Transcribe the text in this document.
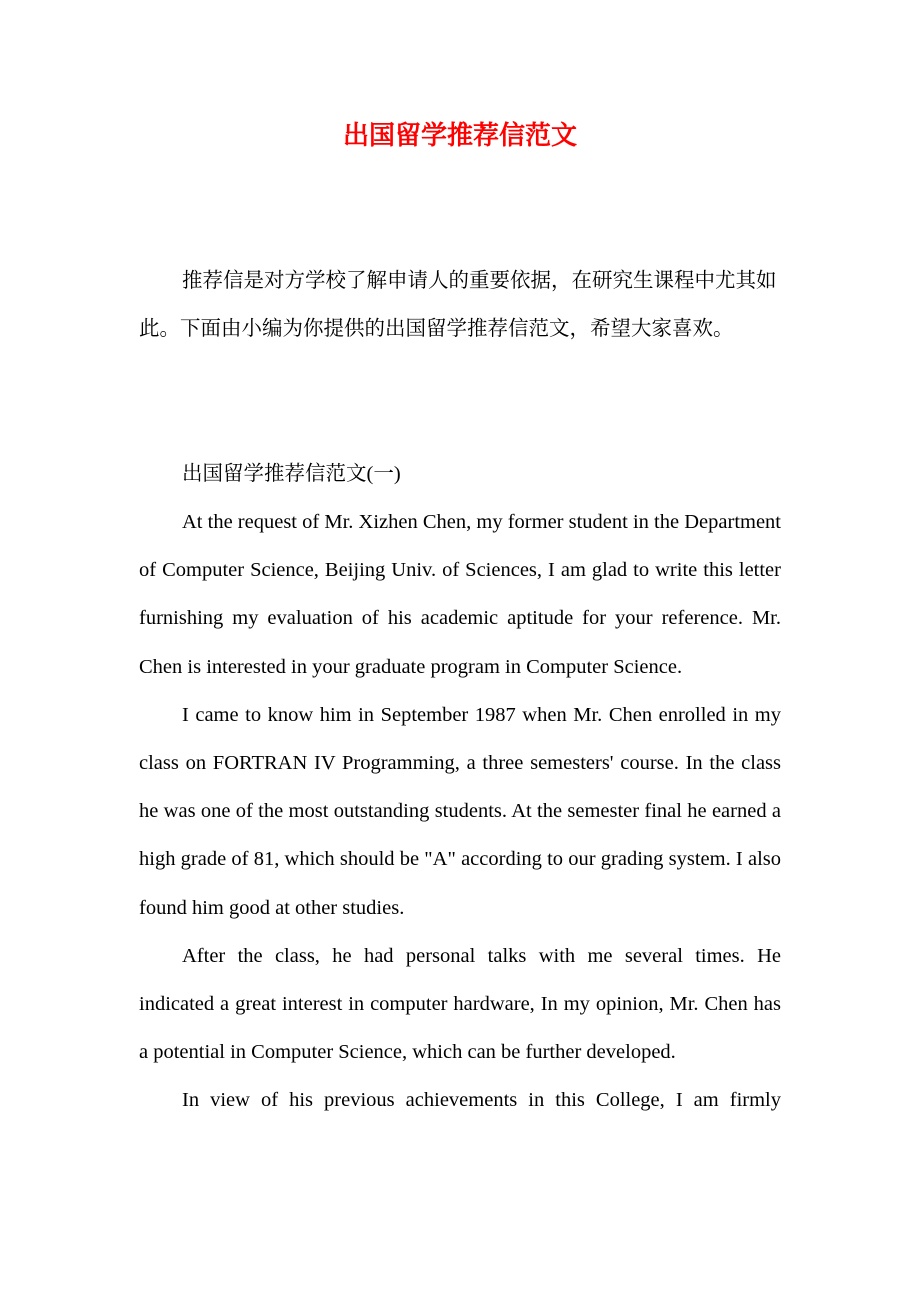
出国留学推荐信范文

推荐信是对方学校了解申请人的重要依据，在研究生课程中尤其如此。下面由小编为你提供的出国留学推荐信范文，希望大家喜欢。

出国留学推荐信范文(一)

At the request of Mr. Xizhen Chen, my former student in the Department of Computer Science, Beijing Univ. of Sciences, I am glad to write this letter furnishing my evaluation of his academic aptitude for your reference. Mr. Chen is interested in your graduate program in Computer Science.

I came to know him in September 1987 when Mr. Chen enrolled in my class on FORTRAN IV Programming, a three semesters' course. In the class he was one of the most outstanding students. At the semester final he earned a high grade of 81, which should be "A" according to our grading system. I also found him good at other studies.

After the class, he had personal talks with me several times. He indicated a great interest in computer hardware, In my opinion, Mr. Chen has a potential in Computer Science, which can be further developed.

In view of his previous achievements in this College, I am firmly
